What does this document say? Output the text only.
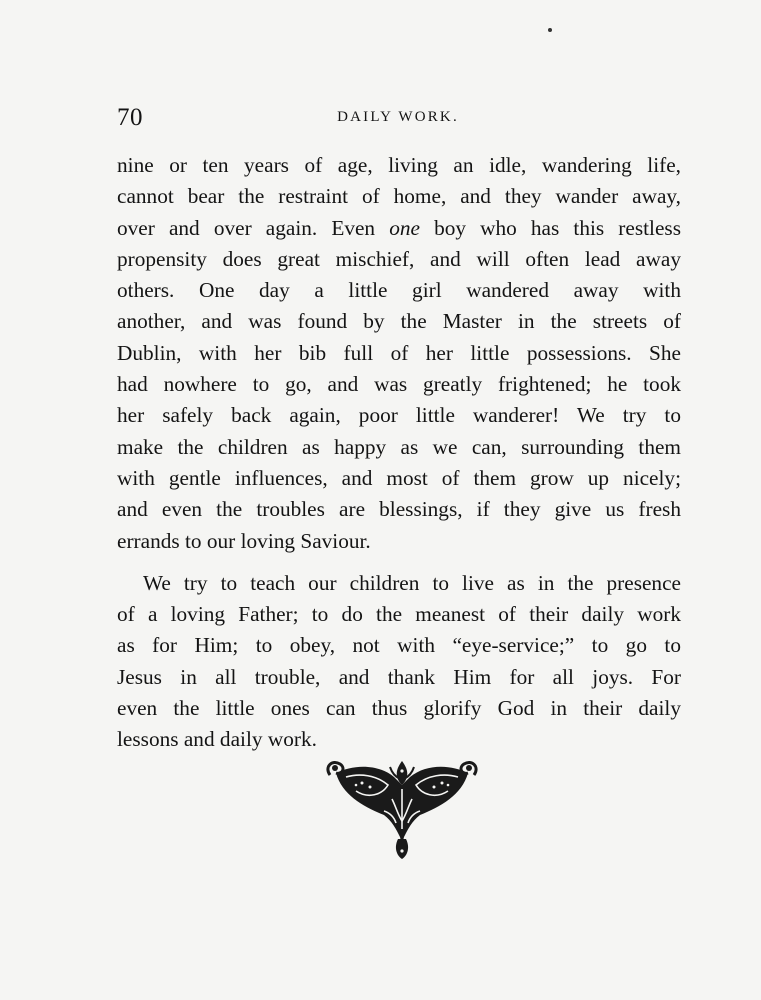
70	DAILY WORK.
nine or ten years of age, living an idle, wandering life,
cannot bear the restraint of home, and they wander away,
over and over again. Even one boy who has this restless
propensity does great mischief, and will often lead away
others. One day a little girl wandered away with
another, and was found by the Master in the streets of
Dublin, with her bib full of her little possessions. She
had nowhere to go, and was greatly frightened; he took
her safely back again, poor little wanderer! We try to
make the children as happy as we can, surrounding them
with gentle influences, and most of them grow up nicely;
and even the troubles are blessings, if they give us fresh
errands to our loving Saviour.
We try to teach our children to live as in the presence
of a loving Father; to do the meanest of their daily work
as for Him; to obey, not with “eye-service;” to go to
Jesus in all trouble, and thank Him for all joys. For
even the little ones can thus glorify God in their daily
lessons and daily work.
